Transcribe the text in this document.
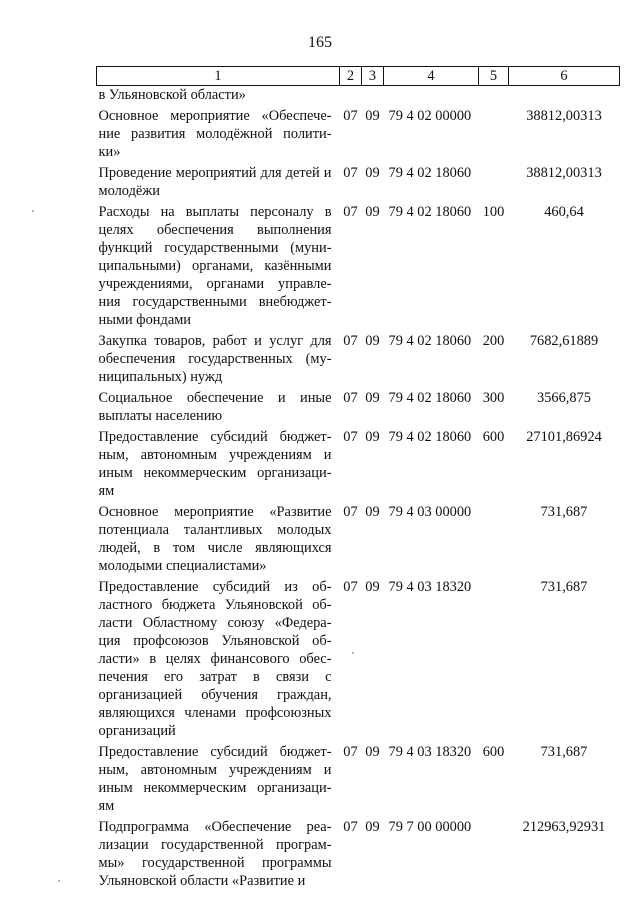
165
1	2	3	4	5	6
в Ульяновской области»					
Основное мероприятие «Обеспече-ние развития молодёжной полити-ки»	07	09	79 4 02 00000		38812,00313
Проведение мероприятий для детей и молодёжи	07	09	79 4 02 18060		38812,00313
Расходы на выплаты персоналу в целях обеспечения выполнения функций государственными (муни-ципальными) органами, казёнными учреждениями, органами управле-ния государственными внебюджет-ными фондами	07	09	79 4 02 18060	100	460,64
Закупка товаров, работ и услуг для обеспечения государственных (му-ниципальных) нужд	07	09	79 4 02 18060	200	7682,61889
Социальное обеспечение и иные выплаты населению	07	09	79 4 02 18060	300	3566,875
Предоставление субсидий бюджет-ным, автономным учреждениям и иным некоммерческим организаци-ям	07	09	79 4 02 18060	600	27101,86924
Основное мероприятие «Развитие потенциала талантливых молодых людей, в том числе являющихся молодыми специалистами»	07	09	79 4 03 00000		731,687
Предоставление субсидий из об-ластного бюджета Ульяновской об-ласти Областному союзу «Федера-ция профсоюзов Ульяновской об-ласти» в целях финансового обес-печения его затрат в связи с организацией обучения граждан, являющихся членами профсоюзных организаций	07	09	79 4 03 18320		731,687
Предоставление субсидий бюджет-ным, автономным учреждениям и иным некоммерческим организаци-ям	07	09	79 4 03 18320	600	731,687
Подпрограмма «Обеспечение реа-лизации государственной програм-мы» государственной программы Ульяновской области «Развитие и	07	09	79 7 00 00000		212963,92931
